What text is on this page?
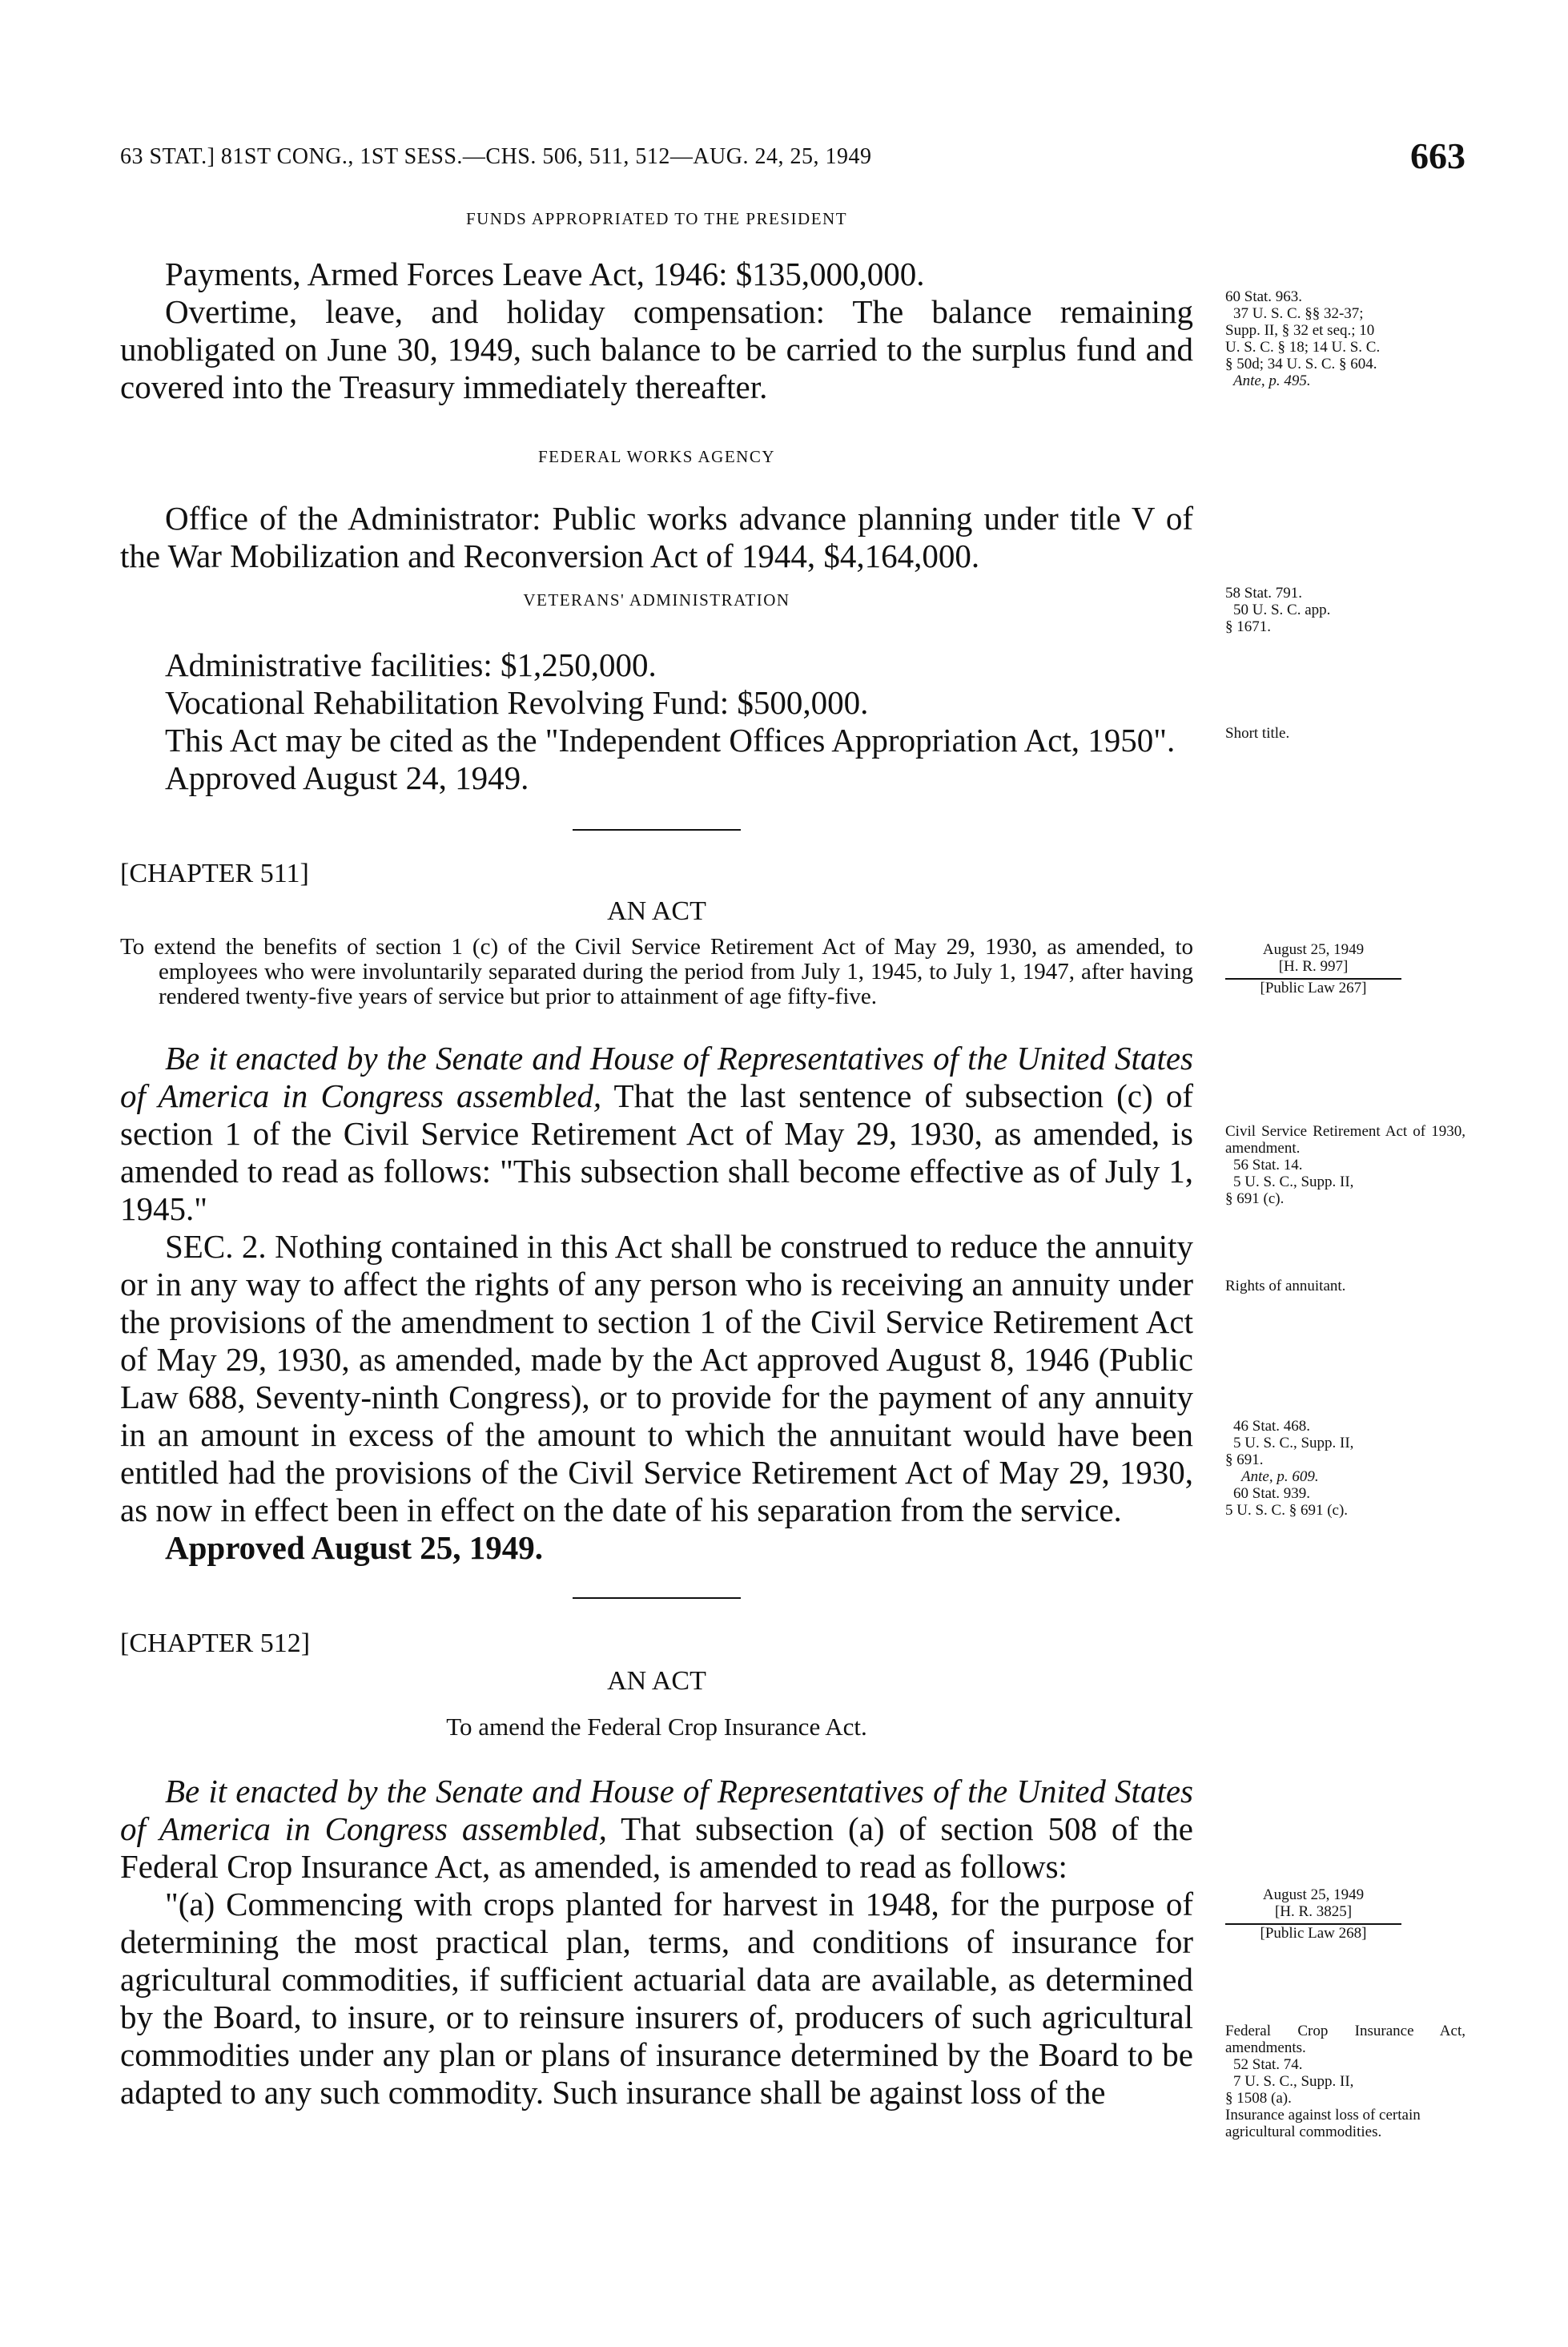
63 STAT.] 81ST CONG., 1ST SESS.—CHS. 506, 511, 512—AUG. 24, 25, 1949	663

FUNDS APPROPRIATED TO THE PRESIDENT

Payments, Armed Forces Leave Act, 1946: $135,000,000.

Overtime, leave, and holiday compensation: The balance remaining unobligated on June 30, 1949, such balance to be carried to the surplus fund and covered into the Treasury immediately thereafter.

FEDERAL WORKS AGENCY

Office of the Administrator: Public works advance planning under title V of the War Mobilization and Reconversion Act of 1944, $4,164,000.

VETERANS' ADMINISTRATION

Administrative facilities: $1,250,000.

Vocational Rehabilitation Revolving Fund: $500,000.

This Act may be cited as the "Independent Offices Appropriation Act, 1950".

Approved August 24, 1949.

[CHAPTER 511]

AN ACT

To extend the benefits of section 1 (c) of the Civil Service Retirement Act of May 29, 1930, as amended, to employees who were involuntarily separated during the period from July 1, 1945, to July 1, 1947, after having rendered twenty-five years of service but prior to attainment of age fifty-five.

Be it enacted by the Senate and House of Representatives of the United States of America in Congress assembled, That the last sentence of subsection (c) of section 1 of the Civil Service Retirement Act of May 29, 1930, as amended, is amended to read as follows: "This subsection shall become effective as of July 1, 1945."

SEC. 2. Nothing contained in this Act shall be construed to reduce the annuity or in any way to affect the rights of any person who is receiving an annuity under the provisions of the amendment to section 1 of the Civil Service Retirement Act of May 29, 1930, as amended, made by the Act approved August 8, 1946 (Public Law 688, Seventy-ninth Congress), or to provide for the payment of any annuity in an amount in excess of the amount to which the annuitant would have been entitled had the provisions of the Civil Service Retirement Act of May 29, 1930, as now in effect been in effect on the date of his separation from the service.

Approved August 25, 1949.

[CHAPTER 512]

AN ACT

To amend the Federal Crop Insurance Act.

Be it enacted by the Senate and House of Representatives of the United States of America in Congress assembled, That subsection (a) of section 508 of the Federal Crop Insurance Act, as amended, is amended to read as follows:

"(a) Commencing with crops planted for harvest in 1948, for the purpose of determining the most practical plan, terms, and conditions of insurance for agricultural commodities, if sufficient actuarial data are available, as determined by the Board, to insure, or to reinsure insurers of, producers of such agricultural commodities under any plan or plans of insurance determined by the Board to be adapted to any such commodity. Such insurance shall be against loss of the

60 Stat. 963.

37 U. S. C. §§ 32-37;

Supp. II, § 32 et seq.; 10

U. S. C. § 18; 14 U. S. C.

§ 50d; 34 U. S. C. § 604.

Ante, p. 495.

58 Stat. 791.

50 U. S. C. app.

§ 1671.

Short title.

August 25, 1949
[H. R. 997]
[Public Law 267]

Civil Service Retirement Act of 1930, amendment.

56 Stat. 14.

5 U. S. C., Supp. II,

§ 691 (c).

Rights of annuitant.

46 Stat. 468.

5 U. S. C., Supp. II,

§ 691.

Ante, p. 609.

60 Stat. 939.

5 U. S. C. § 691 (c).

August 25, 1949
[H. R. 3825]
[Public Law 268]

Federal Crop Insurance Act, amendments.

52 Stat. 74.

7 U. S. C., Supp. II,

§ 1508 (a).

Insurance against loss of certain agricultural commodities.
